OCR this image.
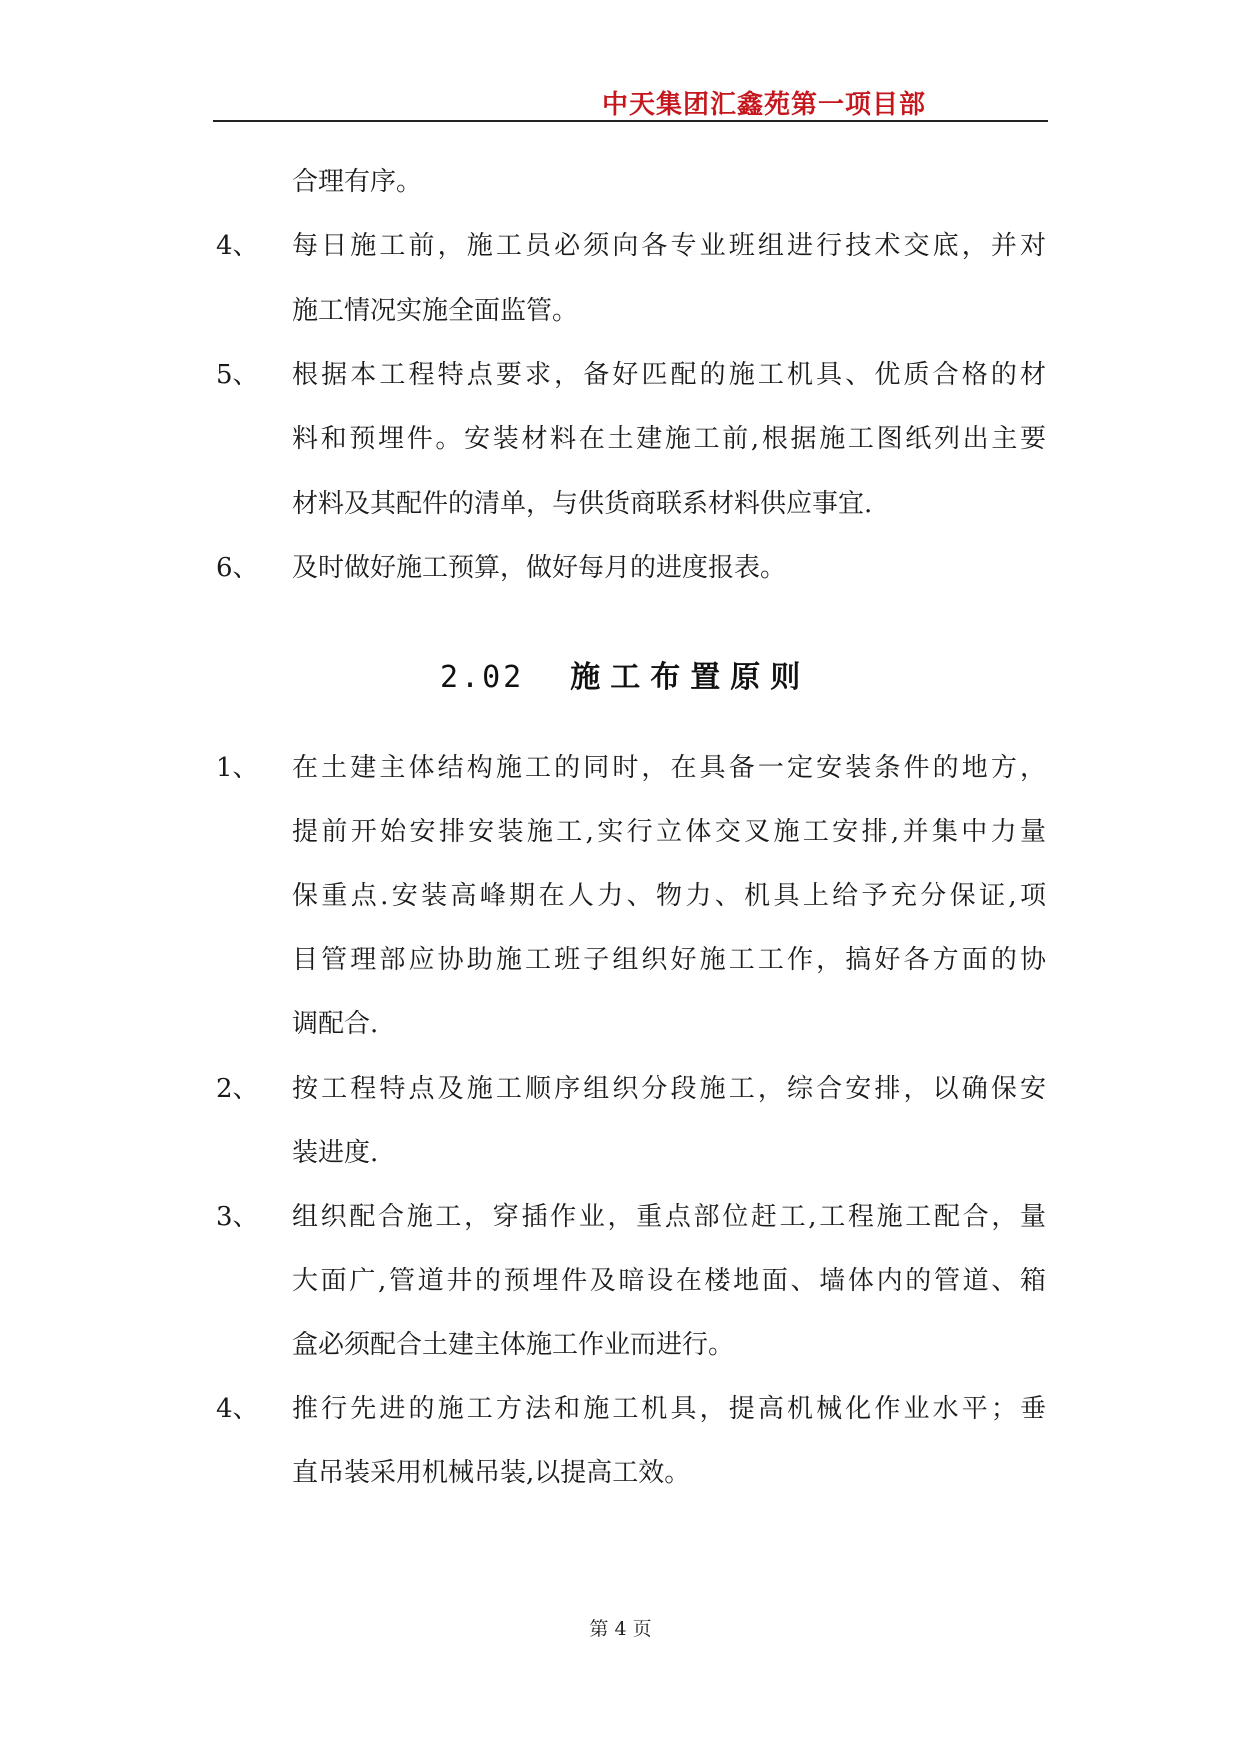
中天集团汇鑫苑第一项目部
合理有序。
4、 每日施工前，施工员必须向各专业班组进行技术交底，并对
施工情况实施全面监管。
5、 根据本工程特点要求，备好匹配的施工机具、优质合格的材
料和预埋件。安装材料在土建施工前,根据施工图纸列出主要
材料及其配件的清单，与供货商联系材料供应事宜.
6、 及时做好施工预算，做好每月的进度报表。
2.02 施工布置原则
1、 在土建主体结构施工的同时，在具备一定安装条件的地方，
提前开始安排安装施工,实行立体交叉施工安排,并集中力量
保重点.安装高峰期在人力、物力、机具上给予充分保证,项
目管理部应协助施工班子组织好施工工作，搞好各方面的协
调配合.
2、 按工程特点及施工顺序组织分段施工，综合安排，以确保安
装进度.
3、 组织配合施工，穿插作业，重点部位赶工,工程施工配合，量
大面广,管道井的预埋件及暗设在楼地面、墙体内的管道、箱
盒必须配合土建主体施工作业而进行。
4、 推行先进的施工方法和施工机具，提高机械化作业水平；垂
直吊装采用机械吊装,以提高工效。
第 4 页
